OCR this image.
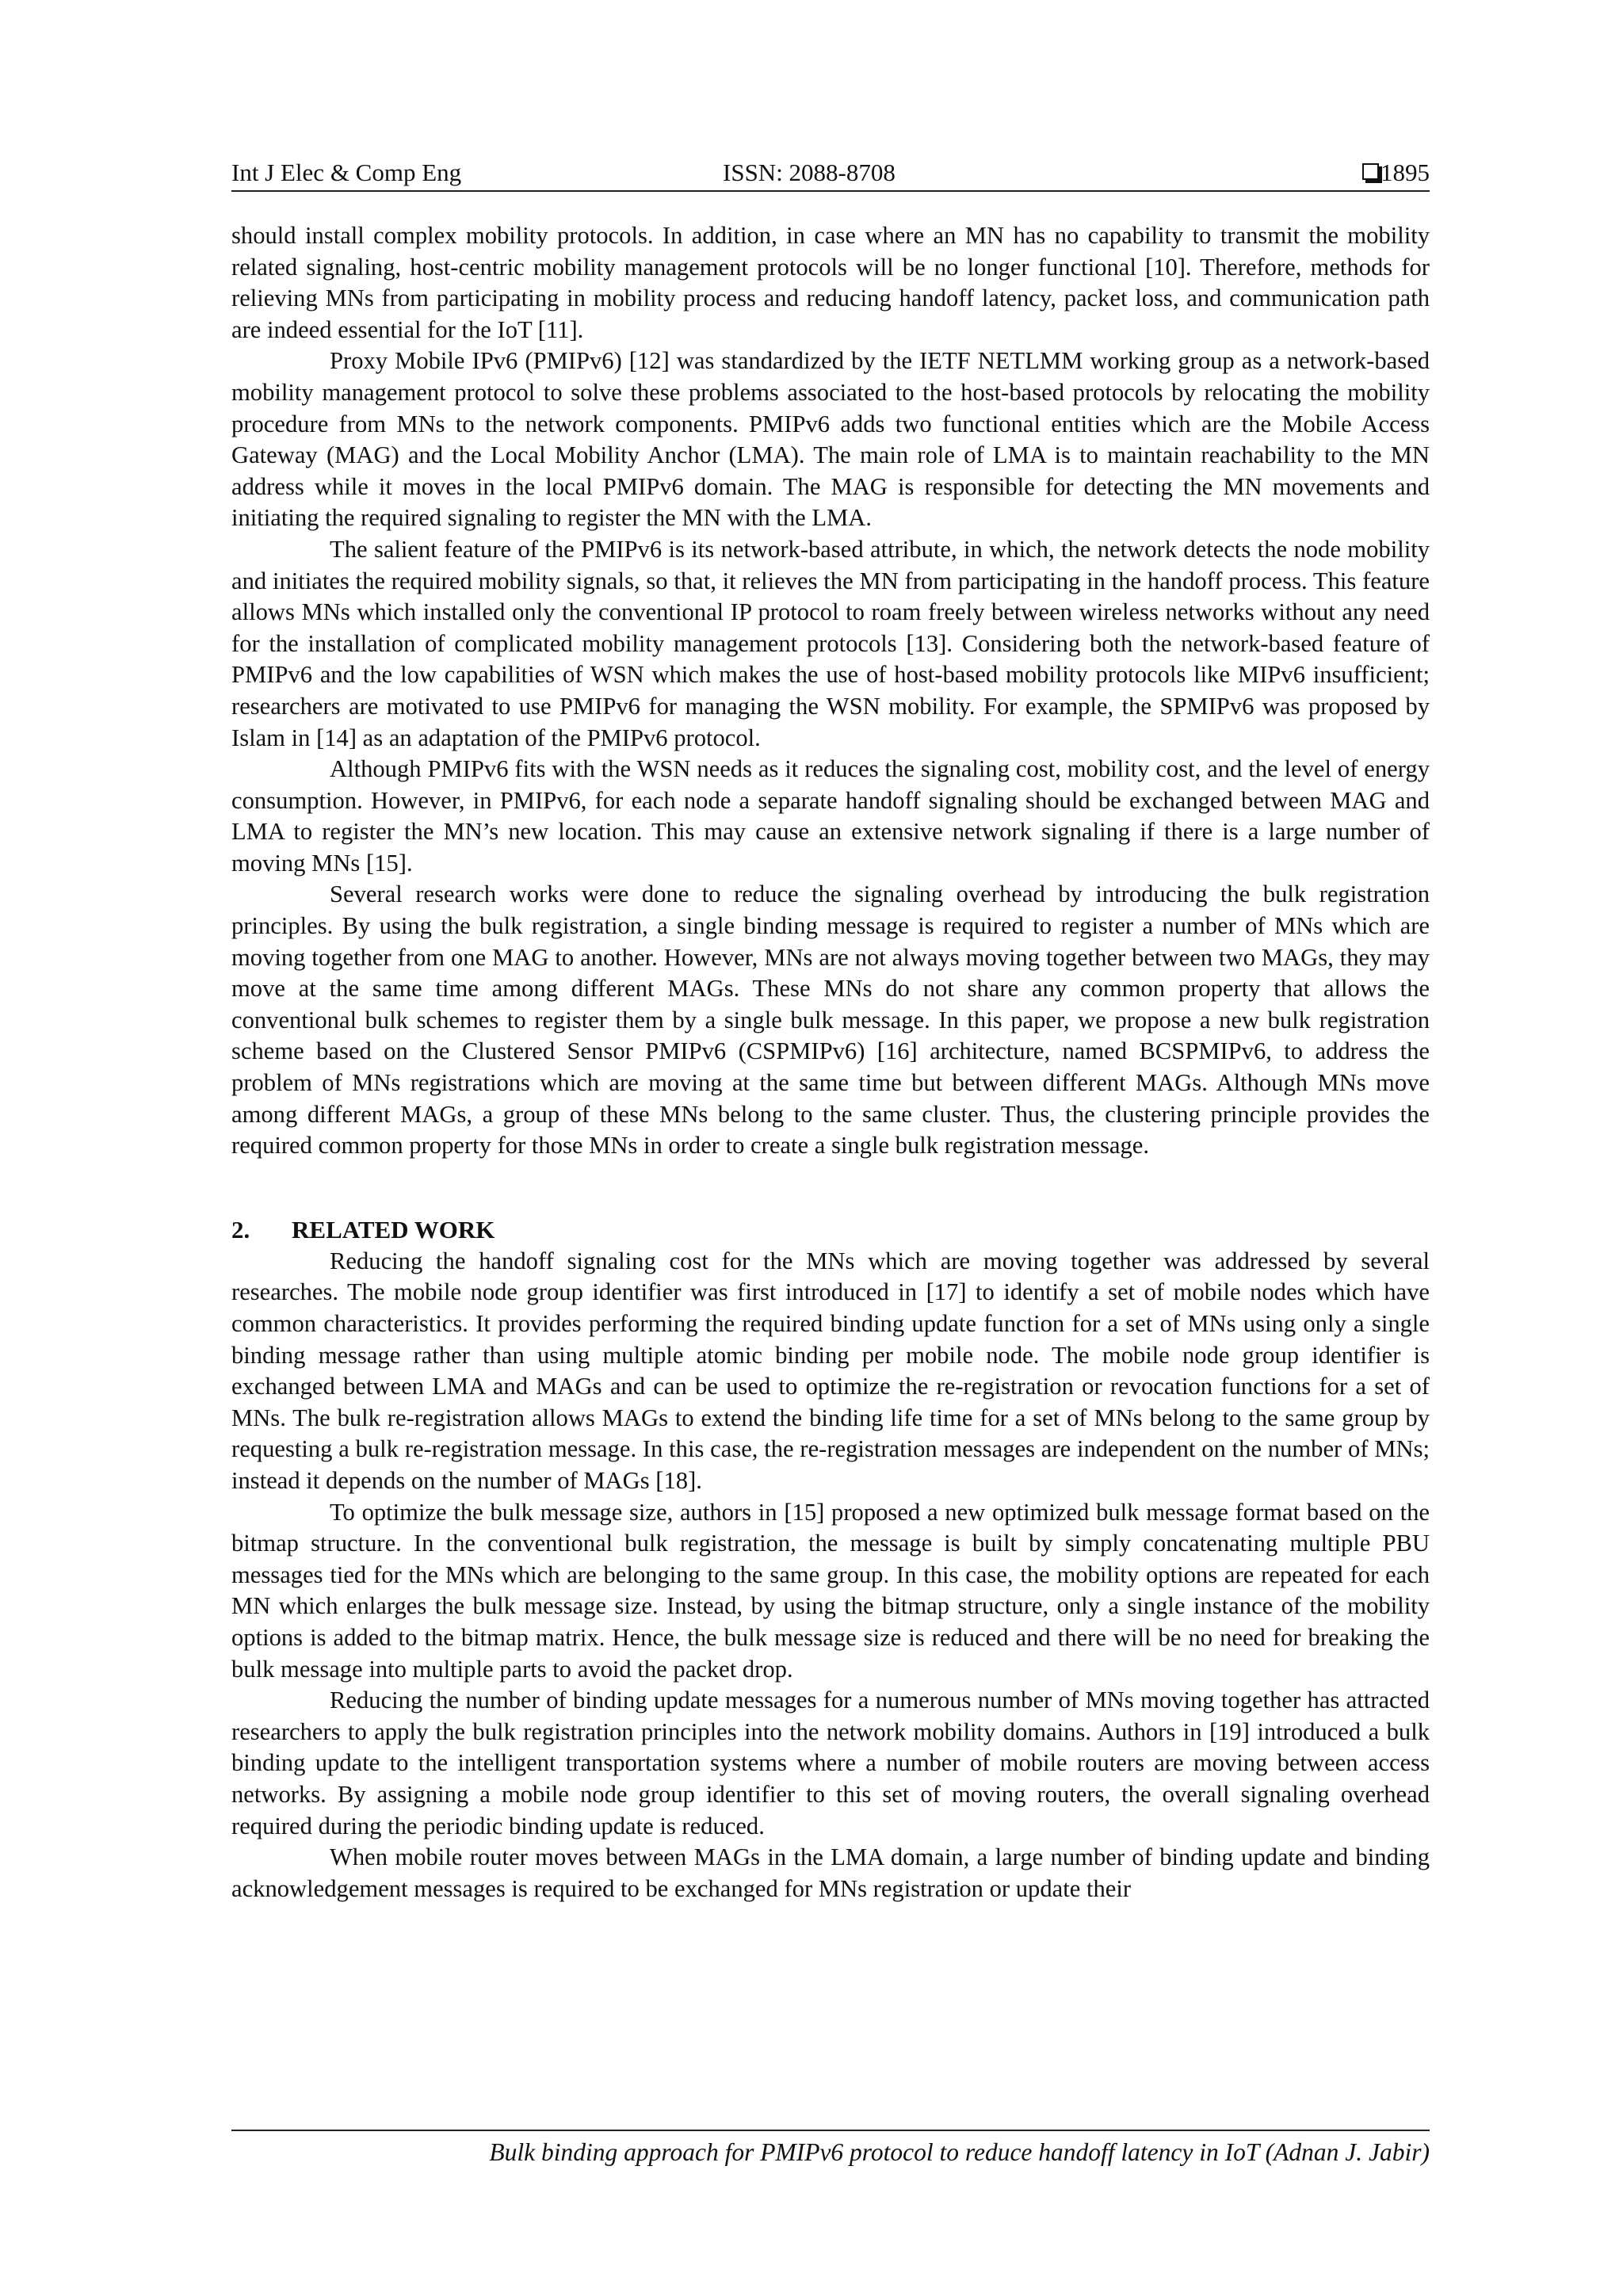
Int J Elec & Comp Eng	ISSN: 2088-8708	1895

should install complex mobility protocols. In addition, in case where an MN has no capability to transmit the mobility related signaling, host-centric mobility management protocols will be no longer functional [10]. Therefore, methods for relieving MNs from participating in mobility process and reducing handoff latency, packet loss, and communication path are indeed essential for the IoT [11].

Proxy Mobile IPv6 (PMIPv6) [12] was standardized by the IETF NETLMM working group as a network-based mobility management protocol to solve these problems associated to the host-based protocols by relocating the mobility procedure from MNs to the network components. PMIPv6 adds two functional entities which are the Mobile Access Gateway (MAG) and the Local Mobility Anchor (LMA). The main role of LMA is to maintain reachability to the MN address while it moves in the local PMIPv6 domain. The MAG is responsible for detecting the MN movements and initiating the required signaling to register the MN with the LMA.

The salient feature of the PMIPv6 is its network-based attribute, in which, the network detects the node mobility and initiates the required mobility signals, so that, it relieves the MN from participating in the handoff process. This feature allows MNs which installed only the conventional IP protocol to roam freely between wireless networks without any need for the installation of complicated mobility management protocols [13]. Considering both the network-based feature of PMIPv6 and the low capabilities of WSN which makes the use of host-based mobility protocols like MIPv6 insufficient; researchers are motivated to use PMIPv6 for managing the WSN mobility. For example, the SPMIPv6 was proposed by Islam in [14] as an adaptation of the PMIPv6 protocol.

Although PMIPv6 fits with the WSN needs as it reduces the signaling cost, mobility cost, and the level of energy consumption. However, in PMIPv6, for each node a separate handoff signaling should be exchanged between MAG and LMA to register the MN’s new location. This may cause an extensive network signaling if there is a large number of moving MNs [15].

Several research works were done to reduce the signaling overhead by introducing the bulk registration principles. By using the bulk registration, a single binding message is required to register a number of MNs which are moving together from one MAG to another. However, MNs are not always moving together between two MAGs, they may move at the same time among different MAGs. These MNs do not share any common property that allows the conventional bulk schemes to register them by a single bulk message. In this paper, we propose a new bulk registration scheme based on the Clustered Sensor PMIPv6 (CSPMIPv6) [16] architecture, named BCSPMIPv6, to address the problem of MNs registrations which are moving at the same time but between different MAGs. Although MNs move among different MAGs, a group of these MNs belong to the same cluster. Thus, the clustering principle provides the required common property for those MNs in order to create a single bulk registration message.

2. RELATED WORK

Reducing the handoff signaling cost for the MNs which are moving together was addressed by several researches. The mobile node group identifier was first introduced in [17] to identify a set of mobile nodes which have common characteristics. It provides performing the required binding update function for a set of MNs using only a single binding message rather than using multiple atomic binding per mobile node. The mobile node group identifier is exchanged between LMA and MAGs and can be used to optimize the re-registration or revocation functions for a set of MNs. The bulk re-registration allows MAGs to extend the binding life time for a set of MNs belong to the same group by requesting a bulk re-registration message. In this case, the re-registration messages are independent on the number of MNs; instead it depends on the number of MAGs [18].

To optimize the bulk message size, authors in [15] proposed a new optimized bulk message format based on the bitmap structure. In the conventional bulk registration, the message is built by simply concatenating multiple PBU messages tied for the MNs which are belonging to the same group. In this case, the mobility options are repeated for each MN which enlarges the bulk message size. Instead, by using the bitmap structure, only a single instance of the mobility options is added to the bitmap matrix. Hence, the bulk message size is reduced and there will be no need for breaking the bulk message into multiple parts to avoid the packet drop.

Reducing the number of binding update messages for a numerous number of MNs moving together has attracted researchers to apply the bulk registration principles into the network mobility domains. Authors in [19] introduced a bulk binding update to the intelligent transportation systems where a number of mobile routers are moving between access networks. By assigning a mobile node group identifier to this set of moving routers, the overall signaling overhead required during the periodic binding update is reduced.

When mobile router moves between MAGs in the LMA domain, a large number of binding update and binding acknowledgement messages is required to be exchanged for MNs registration or update their

Bulk binding approach for PMIPv6 protocol to reduce handoff latency in IoT (Adnan J. Jabir)
